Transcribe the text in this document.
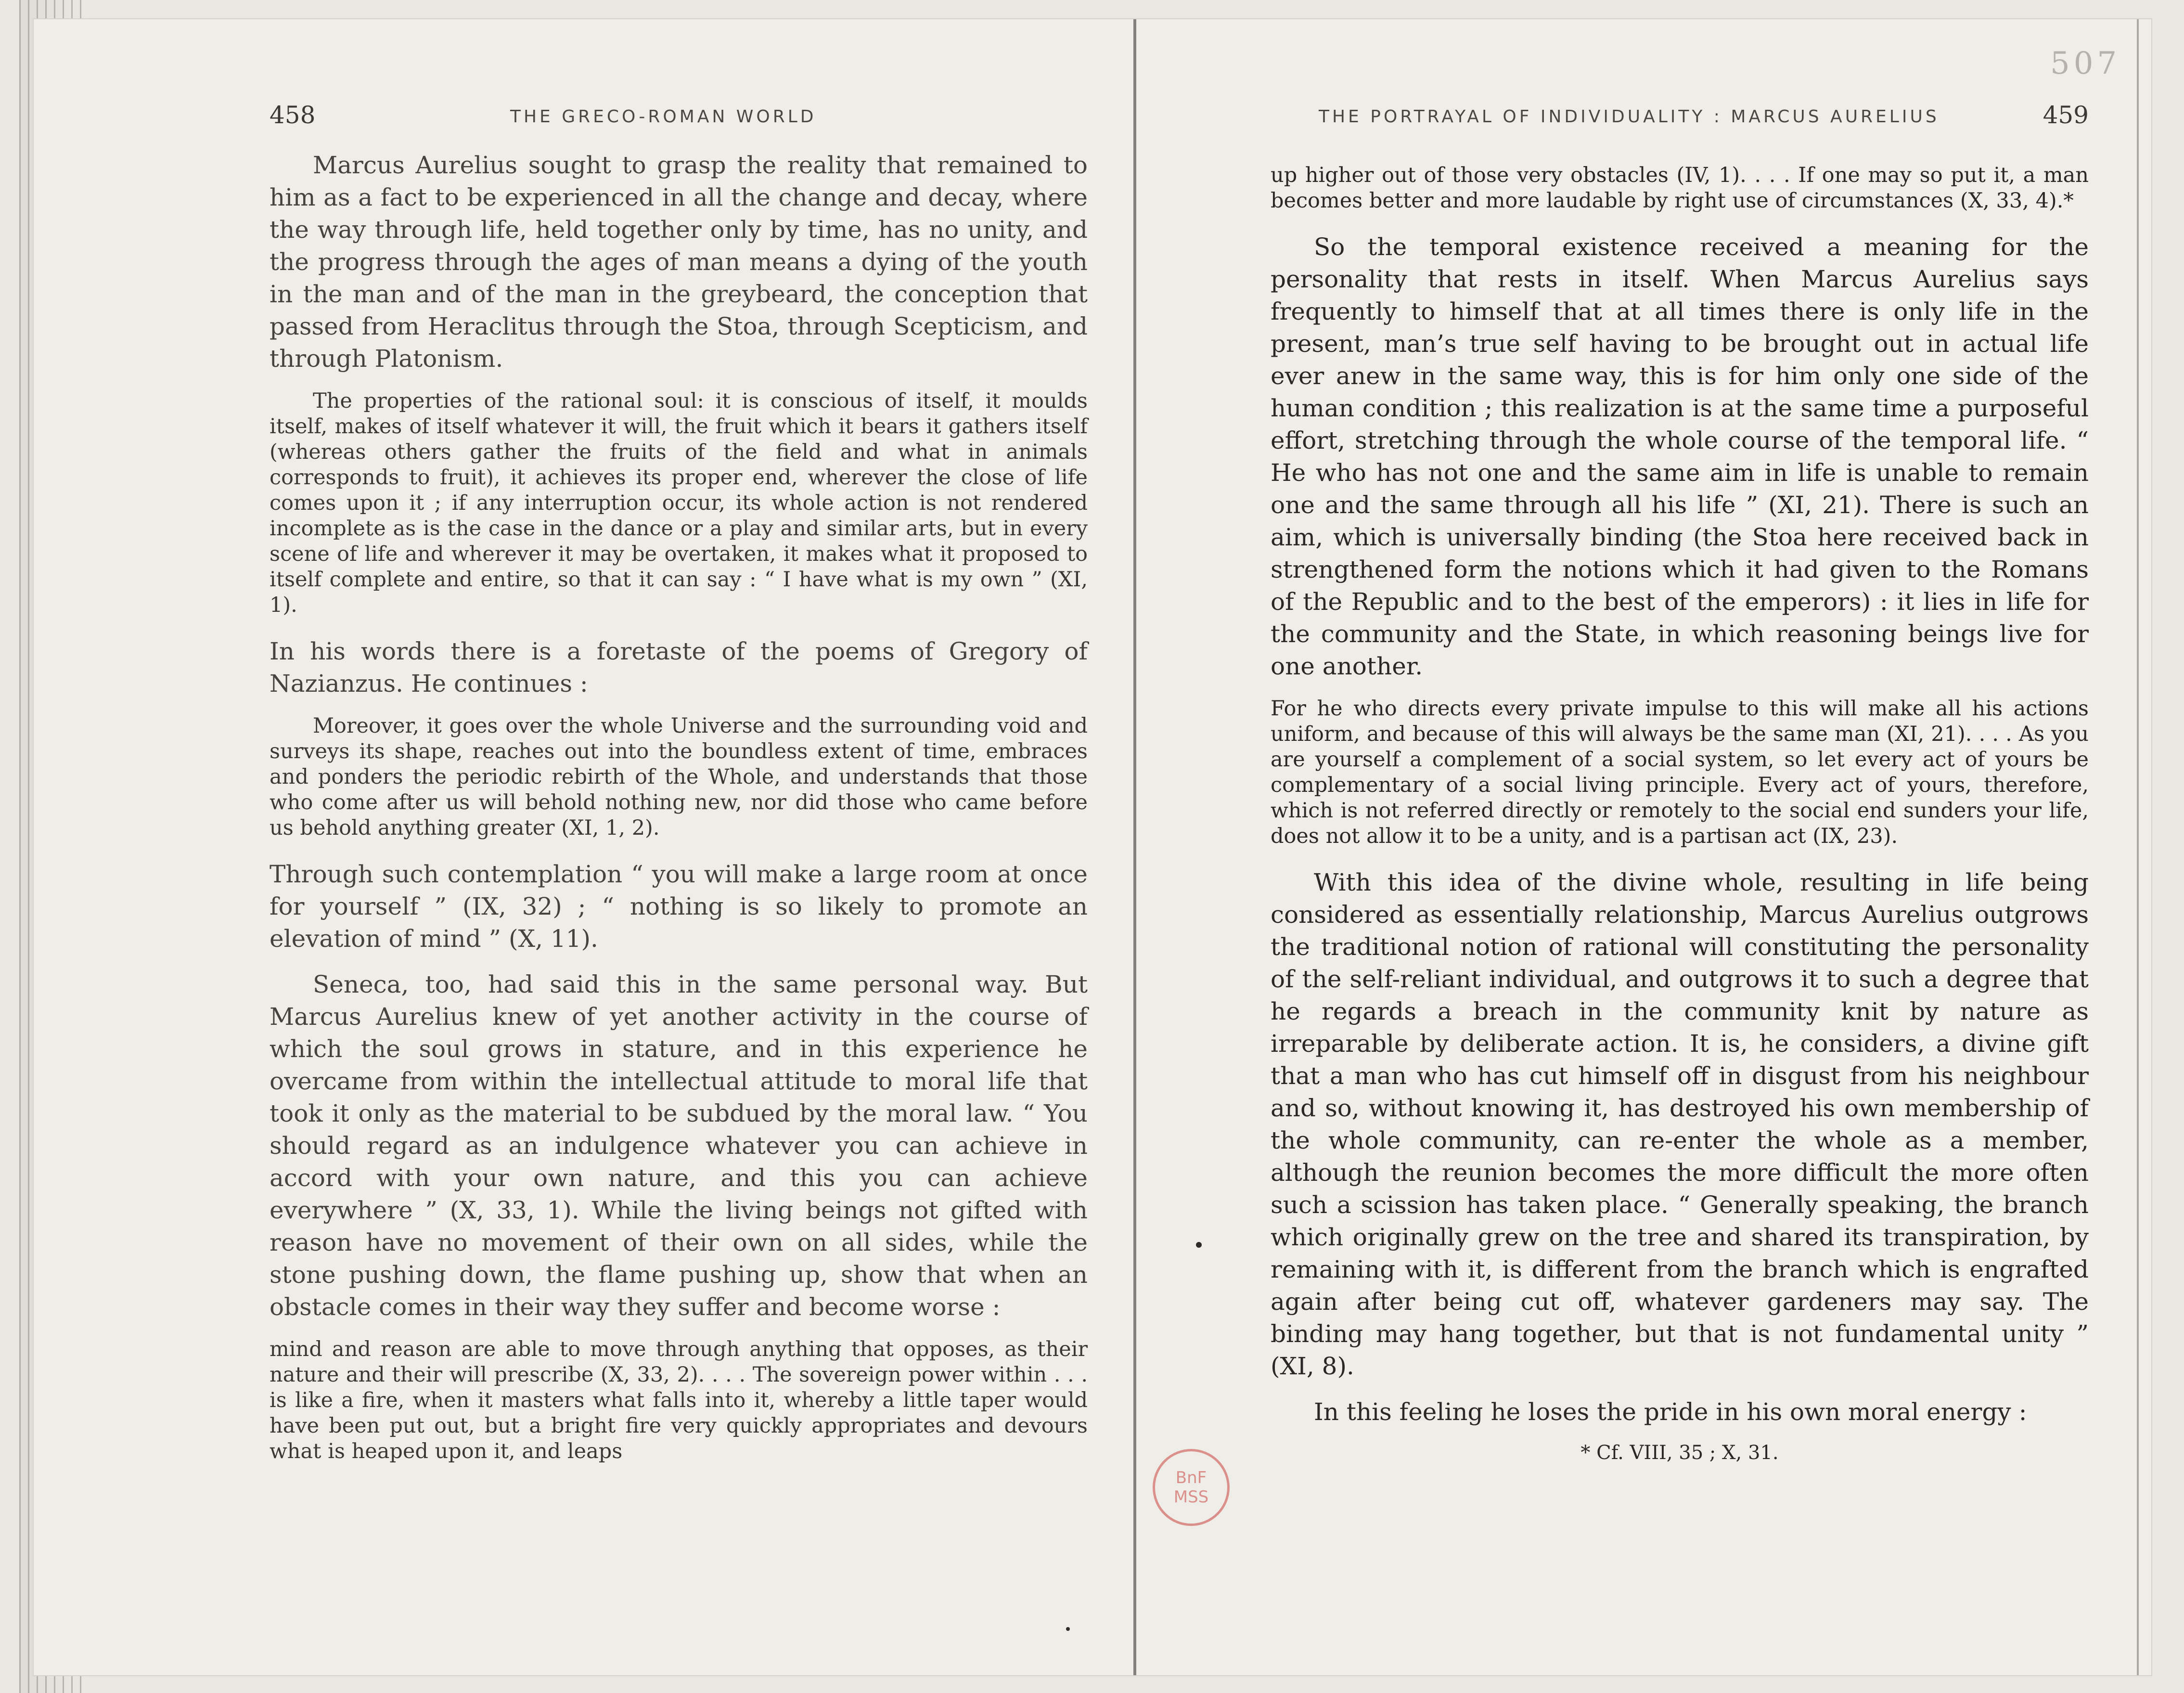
458	THE GRECO-ROMAN WORLD

Marcus Aurelius sought to grasp the reality that remained to him as a fact to be experienced in all the change and decay, where the way through life, held together only by time, has no unity, and the progress through the ages of man means a dying of the youth in the man and of the man in the greybeard, the conception that passed from Heraclitus through the Stoa, through Scepticism, and through Platonism.

The properties of the rational soul: it is conscious of itself, it moulds itself, makes of itself whatever it will, the fruit which it bears it gathers itself (whereas others gather the fruits of the field and what in animals corresponds to fruit), it achieves its proper end, wherever the close of life comes upon it ; if any interruption occur, its whole action is not rendered incomplete as is the case in the dance or a play and similar arts, but in every scene of life and wherever it may be overtaken, it makes what it proposed to itself complete and entire, so that it can say : “ I have what is my own ” (XI, 1).

In his words there is a foretaste of the poems of Gregory of Nazianzus. He continues :

Moreover, it goes over the whole Universe and the surrounding void and surveys its shape, reaches out into the boundless extent of time, embraces and ponders the periodic rebirth of the Whole, and understands that those who come after us will behold nothing new, nor did those who came before us behold anything greater (XI, 1, 2).

Through such contemplation “ you will make a large room at once for yourself ” (IX, 32) ; “ nothing is so likely to promote an elevation of mind ” (X, 11).

Seneca, too, had said this in the same personal way. But Marcus Aurelius knew of yet another activity in the course of which the soul grows in stature, and in this experience he overcame from within the intellectual attitude to moral life that took it only as the material to be subdued by the moral law. “ You should regard as an indulgence whatever you can achieve in accord with your own nature, and this you can achieve everywhere ” (X, 33, 1). While the living beings not gifted with reason have no movement of their own on all sides, while the stone pushing down, the flame pushing up, show that when an obstacle comes in their way they suffer and become worse :

mind and reason are able to move through anything that opposes, as their nature and their will prescribe (X, 33, 2). . . . The sovereign power within . . . is like a fire, when it masters what falls into it, whereby a little taper would have been put out, but a bright fire very quickly appropriates and devours what is heaped upon it, and leaps

THE PORTRAYAL OF INDIVIDUALITY : MARCUS AURELIUS	459

up higher out of those very obstacles (IV, 1). . . . If one may so put it, a man becomes better and more laudable by right use of circumstances (X, 33, 4).*

So the temporal existence received a meaning for the personality that rests in itself. When Marcus Aurelius says frequently to himself that at all times there is only life in the present, man’s true self having to be brought out in actual life ever anew in the same way, this is for him only one side of the human condition ; this realization is at the same time a purposeful effort, stretching through the whole course of the temporal life. “ He who has not one and the same aim in life is unable to remain one and the same through all his life ” (XI, 21). There is such an aim, which is universally binding (the Stoa here received back in strengthened form the notions which it had given to the Romans of the Republic and to the best of the emperors) : it lies in life for the community and the State, in which reasoning beings live for one another.

For he who directs every private impulse to this will make all his actions uniform, and because of this will always be the same man (XI, 21). . . . As you are yourself a complement of a social system, so let every act of yours be complementary of a social living principle. Every act of yours, therefore, which is not referred directly or remotely to the social end sunders your life, does not allow it to be a unity, and is a partisan act (IX, 23).

With this idea of the divine whole, resulting in life being considered as essentially relationship, Marcus Aurelius outgrows the traditional notion of rational will constituting the personality of the self-reliant individual, and outgrows it to such a degree that he regards a breach in the community knit by nature as irreparable by deliberate action. It is, he considers, a divine gift that a man who has cut himself off in disgust from his neighbour and so, without knowing it, has destroyed his own membership of the whole community, can re-enter the whole as a member, although the reunion becomes the more difficult the more often such a scission has taken place. “ Generally speaking, the branch which originally grew on the tree and shared its transpiration, by remaining with it, is different from the branch which is engrafted again after being cut off, whatever gardeners may say. The binding may hang together, but that is not fundamental unity ” (XI, 8).

In this feeling he loses the pride in his own moral energy :

* Cf. VIII, 35 ; X, 31.
507
BnF
MSS
